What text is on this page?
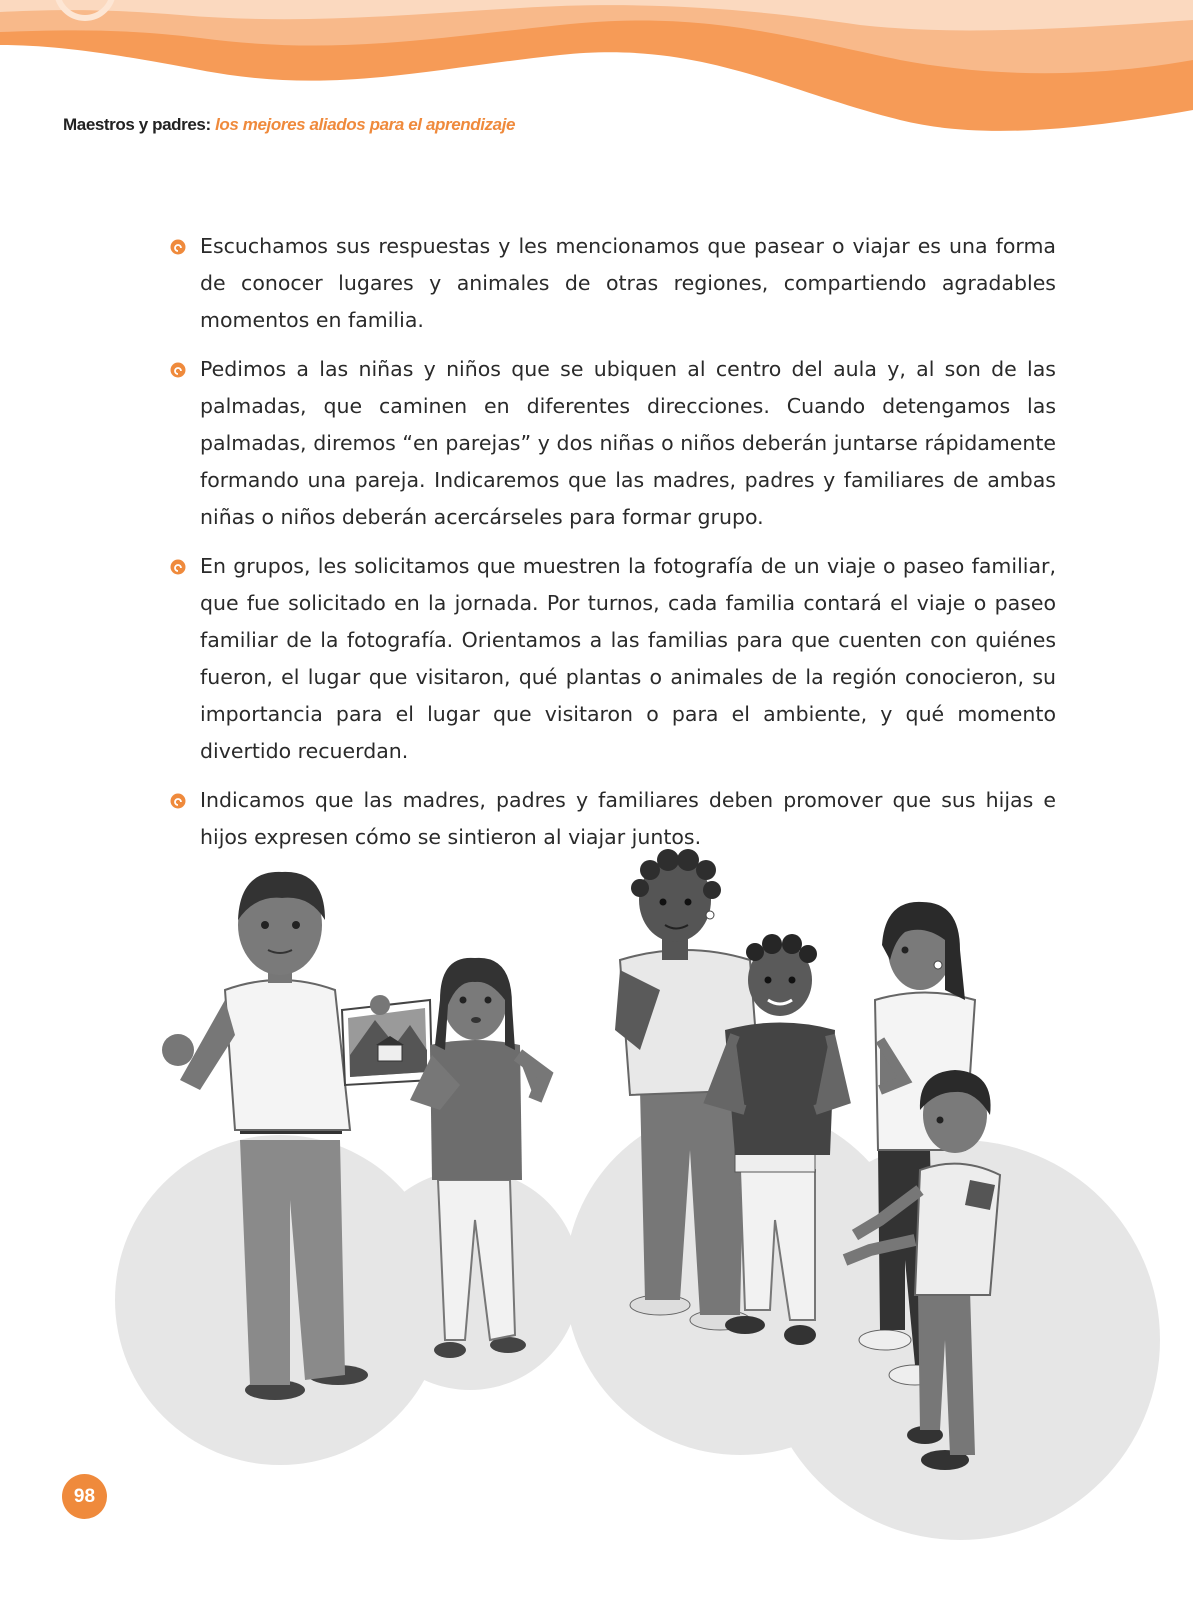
Maestros y padres: los mejores aliados para el aprendizaje
Escuchamos sus respuestas y les mencionamos que pasear o viajar es una forma de conocer lugares y animales de otras regiones, compartiendo agradables momentos en familia.
Pedimos a las niñas y niños que se ubiquen al centro del aula y, al son de las palmadas, que caminen en diferentes direcciones. Cuando detengamos las palmadas, diremos “en parejas” y dos niñas o niños deberán juntarse rápidamente formando una pareja. Indicaremos que las madres, padres y familiares de ambas niñas o niños deberán acercárseles para formar grupo.
En grupos, les solicitamos que muestren la fotografía de un viaje o paseo familiar, que fue solicitado en la jornada. Por turnos, cada familia contará el viaje o paseo familiar de la fotografía. Orientamos a las familias para que cuenten con quiénes fueron, el lugar que visitaron, qué plantas o animales de la región conocieron, su importancia para el lugar que visitaron o para el ambiente, y qué momento divertido recuerdan.
Indicamos que las madres, padres y familiares deben promover que sus hijas e hijos expresen cómo se sintieron al viajar juntos.
98
